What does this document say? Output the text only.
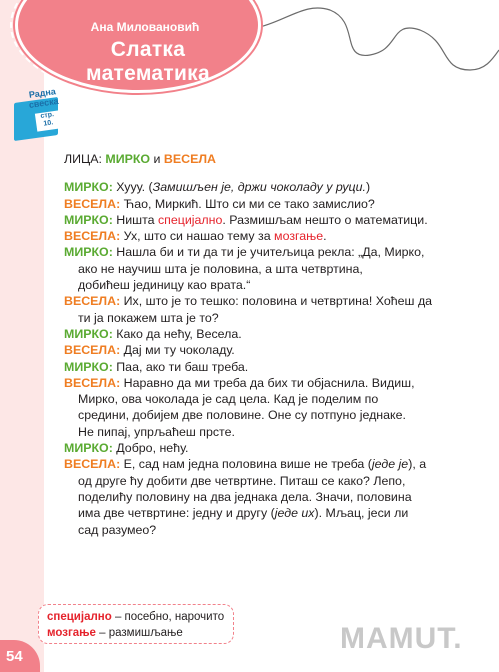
Ана Миловановић
Слатка
математика
Радна
свеска
стр.
10.
ЛИЦА: МИРКО и ВЕСЕЛА
МИРКО: Хууу. (Замишљен је, држи чоколаду у руци.)
ВЕСЕЛА: Ћао, Миркић. Што си ми се тако замислио?
МИРКО: Ништа специјално. Размишљам нешто о математици.
ВЕСЕЛА: Ух, што си нашао тему за мозгање.
МИРКО: Нашла би и ти да ти је учитељица рекла: „Да, Мирко,
ако не научиш шта је половина, а шта четвртина,
добићеш јединицу као врата.“
ВЕСЕЛА: Их, што је то тешко: половина и четвртина! Хоћеш да
ти ја покажем шта је то?
МИРКО: Како да нећу, Весела.
ВЕСЕЛА: Дај ми ту чоколаду.
МИРКО: Паа, ако ти баш треба.
ВЕСЕЛА: Наравно да ми треба да бих ти објаснила. Видиш,
Мирко, ова чоколада је сад цела. Кад је поделим по
средини, добијем две половине. Оне су потпуно једнаке.
Не пипај, упрљаћеш прсте.
МИРКО: Добро, нећу.
ВЕСЕЛА: Е, сад нам једна половина више не треба (једе је), а
од друге ћу добити две четвртине. Питаш се како? Лепо,
поделићу половину на два једнака дела. Значи, половина
има две четвртине: једну и другу (једе их). Мљац, јеси ли
сад разумео?
специјално – посебно, нарочито
мозгање – размишљање
54
MAMUT.
